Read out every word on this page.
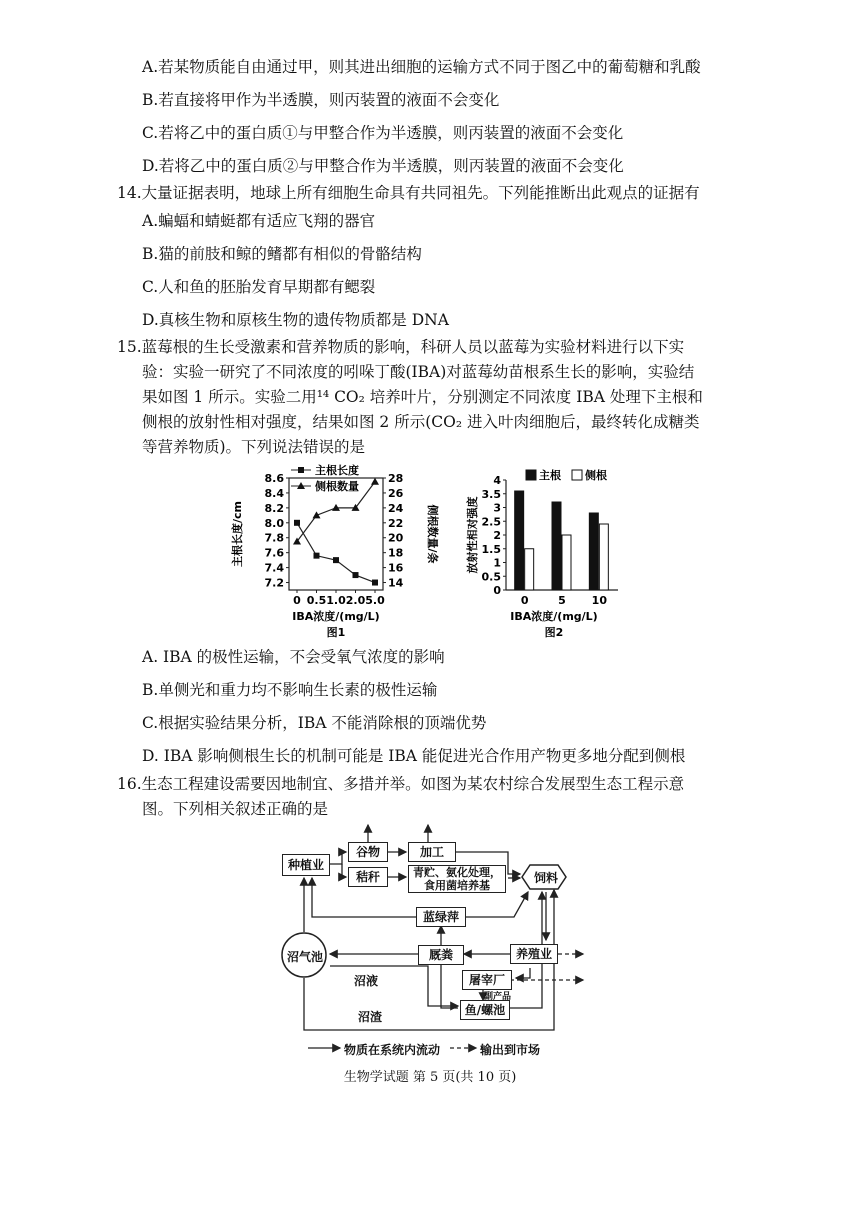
A.若某物质能自由通过甲，则其进出细胞的运输方式不同于图乙中的葡萄糖和乳酸
B.若直接将甲作为半透膜，则丙装置的液面不会变化
C.若将乙中的蛋白质①与甲整合作为半透膜，则丙装置的液面不会变化
D.若将乙中的蛋白质②与甲整合作为半透膜，则丙装置的液面不会变化
14.大量证据表明，地球上所有细胞生命具有共同祖先。下列能推断出此观点的证据有
A.蝙蝠和蜻蜓都有适应飞翔的器官
B.猫的前肢和鲸的鳍都有相似的骨骼结构
C.人和鱼的胚胎发育早期都有鳃裂
D.真核生物和原核生物的遗传物质都是 DNA
15.蓝莓根的生长受激素和营养物质的影响，科研人员以蓝莓为实验材料进行以下实
验：实验一研究了不同浓度的吲哚丁酸(IBA)对蓝莓幼苗根系生长的影响，实验结
果如图 1 所示。实验二用¹⁴ CO₂ 培养叶片，分别测定不同浓度 IBA 处理下主根和
侧根的放射性相对强度，结果如图 2 所示(CO₂ 进入叶肉细胞后，最终转化成糖类
等营养物质)。下列说法错误的是
7.2
7.4
7.6
7.8
8.0
8.2
8.4
8.6
14
16
18
20
22
24
26
28
0 0.5 1.0 2.0 5.0
IBA浓度/(mg/L)
图1
主根长度/cm	侧根数量/条
主根长度
侧根数量
0
0.5
1
1.5
2
2.5
3
3.5
4
0	5 10
IBA浓度/(mg/L)
图2
放射性相对强度
主根 侧根
A. IBA 的极性运输，不会受氧气浓度的影响
B.单侧光和重力均不影响生长素的极性运输
C.根据实验结果分析，IBA 不能消除根的顶端优势
D. IBA 影响侧根生长的机制可能是 IBA 能促进光合作用产物更多地分配到侧根
16.生态工程建设需要因地制宜、多措并举。如图为某农村综合发展型生态工程示意
图。下列相关叙述正确的是
种植业
谷物
秸秆
加工
青贮、氨化处理，
食用菌培养基
饲料
蓝绿萍
沼气池	厩粪	养殖业
屠宰厂
鱼/螺池
沼液
沼渣
副产品
物质在系统内流动	输出到市场
生物学试题 第 5 页(共 10 页)
